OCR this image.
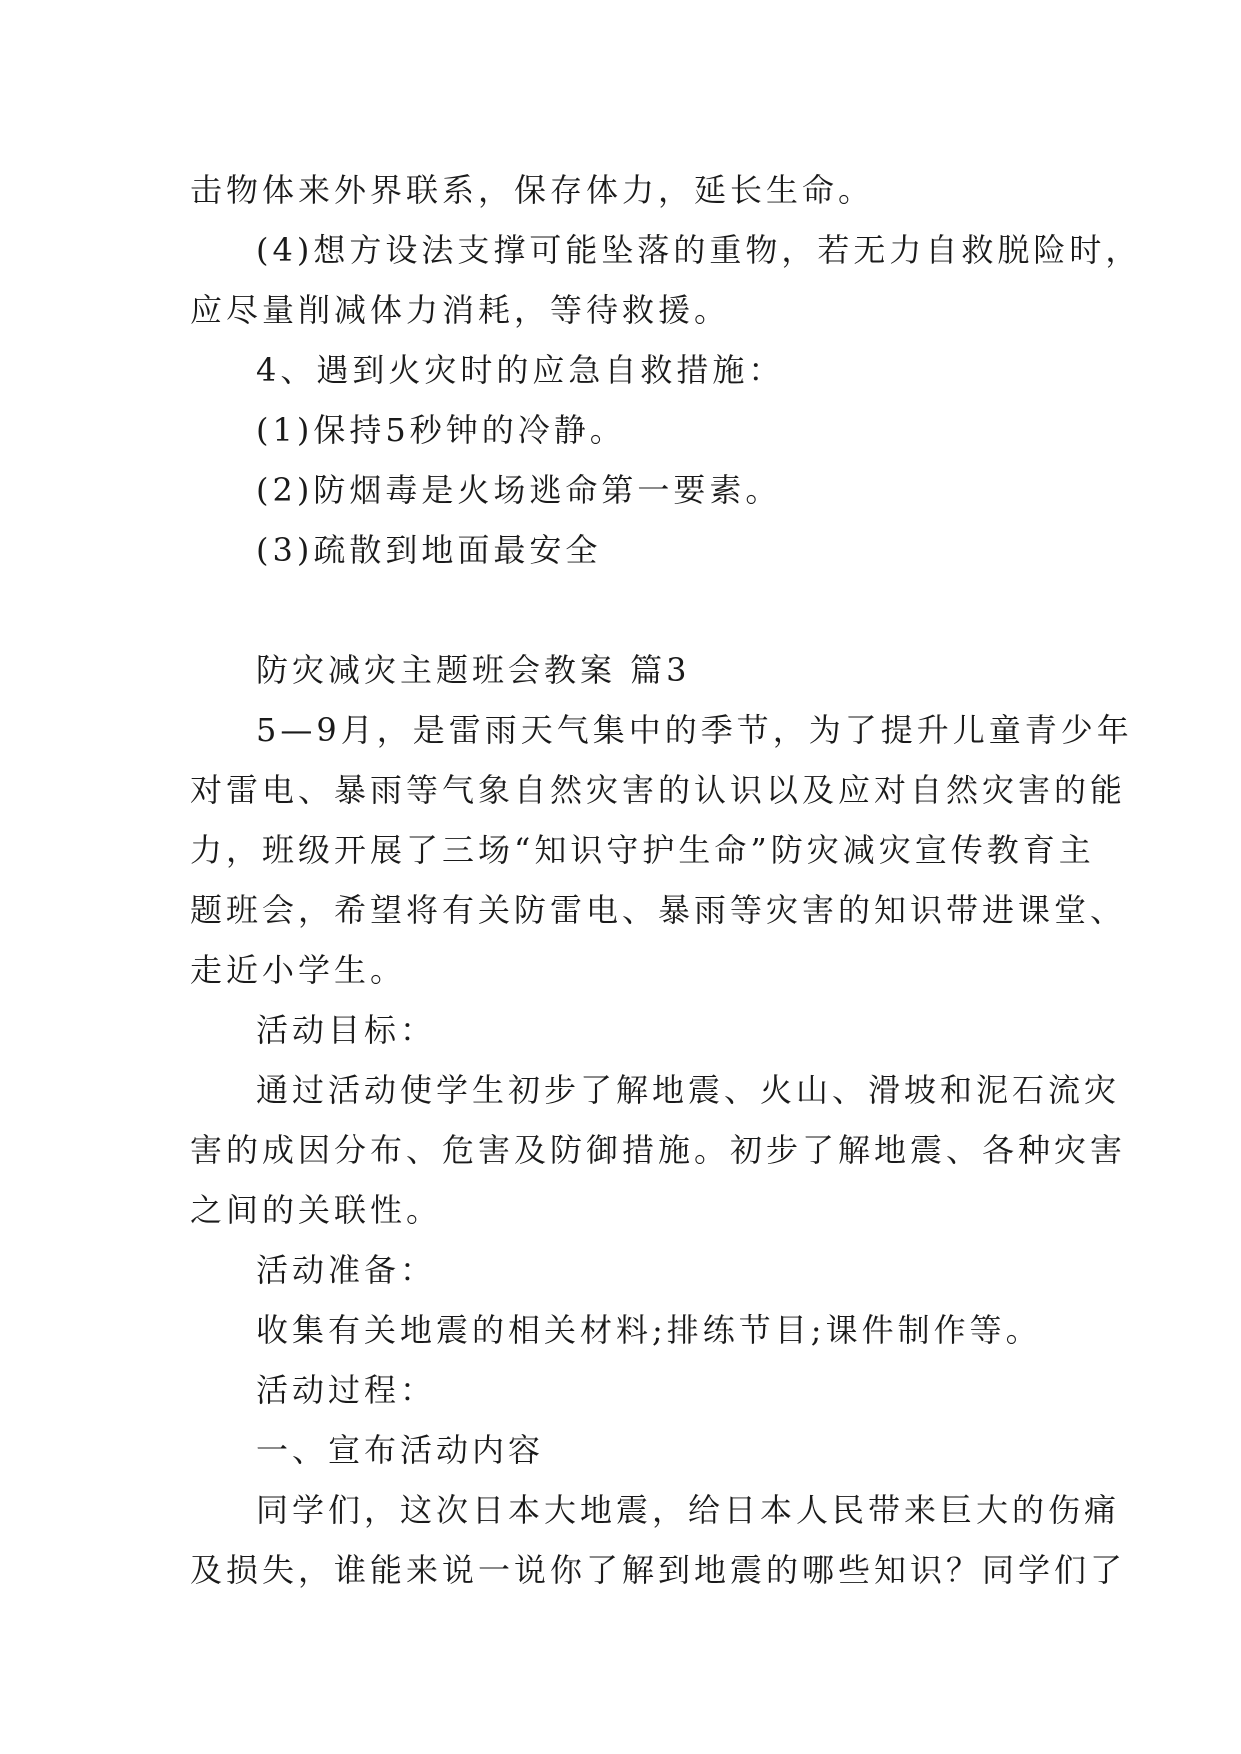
击物体来外界联系，保存体力，延长生命。
(4)想方设法支撑可能坠落的重物，若无力自救脱险时，
应尽量削减体力消耗，等待救援。
4、遇到火灾时的应急自救措施：
(1)保持5秒钟的冷静。
(2)防烟毒是火场逃命第一要素。
(3)疏散到地面最安全
防灾减灾主题班会教案 篇3
5—9月，是雷雨天气集中的季节，为了提升儿童青少年
对雷电、暴雨等气象自然灾害的认识以及应对自然灾害的能
力，班级开展了三场“知识守护生命”防灾减灾宣传教育主
题班会，希望将有关防雷电、暴雨等灾害的知识带进课堂、
走近小学生。
活动目标：
通过活动使学生初步了解地震、火山、滑坡和泥石流灾
害的成因分布、危害及防御措施。初步了解地震、各种灾害
之间的关联性。
活动准备：
收集有关地震的相关材料;排练节目;课件制作等。
活动过程：
一、宣布活动内容
同学们，这次日本大地震，给日本人民带来巨大的伤痛
及损失，谁能来说一说你了解到地震的哪些知识？同学们了
